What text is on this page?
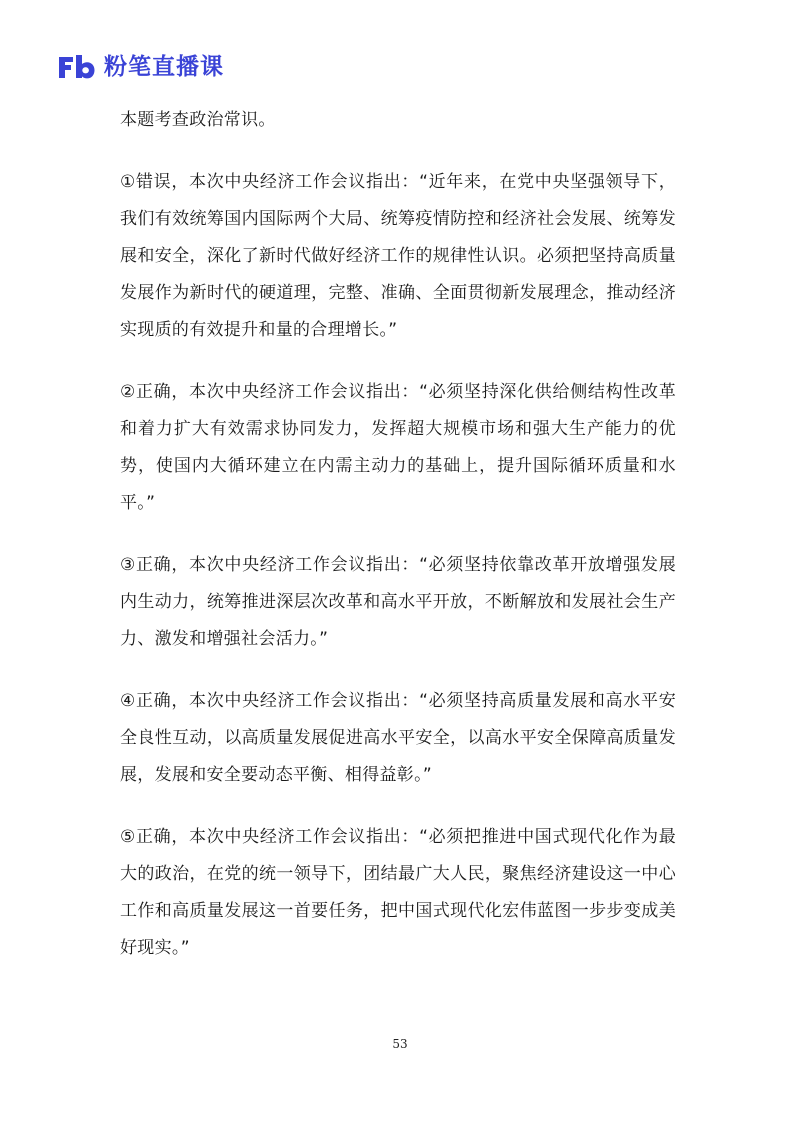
粉笔直播课

本题考查政治常识。

①错误，本次中央经济工作会议指出：“近年来，在党中央坚强领导下，我们有效统筹国内国际两个大局、统筹疫情防控和经济社会发展、统筹发展和安全，深化了新时代做好经济工作的规律性认识。必须把坚持高质量发展作为新时代的硬道理，完整、准确、全面贯彻新发展理念，推动经济实现质的有效提升和量的合理增长。”

②正确，本次中央经济工作会议指出：“必须坚持深化供给侧结构性改革和着力扩大有效需求协同发力，发挥超大规模市场和强大生产能力的优势，使国内大循环建立在内需主动力的基础上，提升国际循环质量和水平。”

③正确，本次中央经济工作会议指出：“必须坚持依靠改革开放增强发展内生动力，统筹推进深层次改革和高水平开放，不断解放和发展社会生产力、激发和增强社会活力。”

④正确，本次中央经济工作会议指出：“必须坚持高质量发展和高水平安全良性互动，以高质量发展促进高水平安全，以高水平安全保障高质量发展，发展和安全要动态平衡、相得益彰。”

⑤正确，本次中央经济工作会议指出：“必须把推进中国式现代化作为最大的政治，在党的统一领导下，团结最广大人民，聚焦经济建设这一中心工作和高质量发展这一首要任务，把中国式现代化宏伟蓝图一步步变成美好现实。”

53
